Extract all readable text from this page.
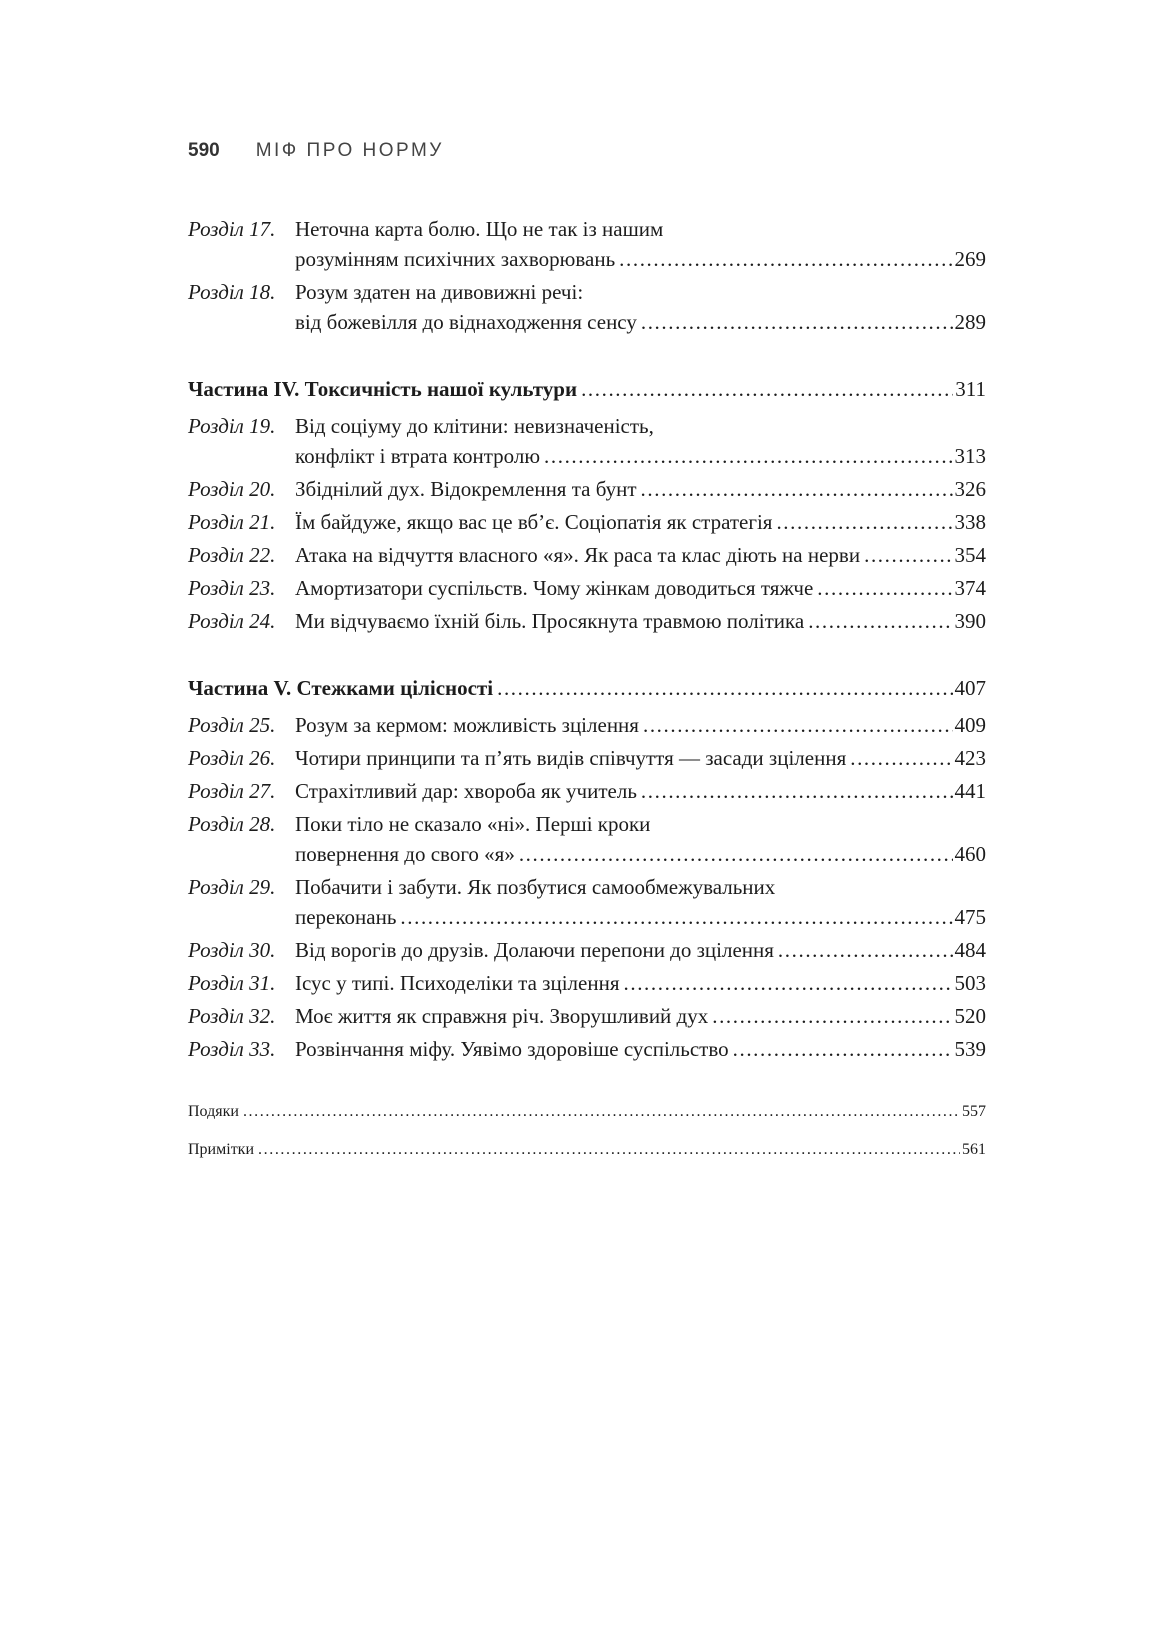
590 МІФ ПРО НОРМУ
Розділ 17. Неточна карта болю. Що не так із нашим
розумінням психічних захворювань .....	269
Розділ 18. Розум здатен на дивовижні речі:
від божевілля до віднаходження сенсу .....	289
Частина IV. Токсичність нашої культури .....	311
Розділ 19. Від соціуму до клітини: невизначеність,
конфлікт і втрата контролю .....	313
Розділ 20. Збіднілий дух. Відокремлення та бунт .....	326
Розділ 21. Їм байдуже, якщо вас це вб’є. Соціопатія як стратегія .....	338
Розділ 22. Атака на відчуття власного «я». Як раса та клас діють на нерви .....	354
Розділ 23. Амортизатори суспільств. Чому жінкам доводиться тяжче .....	374
Розділ 24. Ми відчуваємо їхній біль. Просякнута травмою політика .....	390
Частина V. Стежками цілісності .....	407
Розділ 25. Розум за кермом: можливість зцілення .....	409
Розділ 26. Чотири принципи та п’ять видів співчуття — засади зцілення .....	423
Розділ 27. Страхітливий дар: хвороба як учитель .....	441
Розділ 28. Поки тіло не сказало «ні». Перші кроки
повернення до свого «я» .....	460
Розділ 29. Побачити і забути. Як позбутися самообмежувальних
переконань .....	475
Розділ 30. Від ворогів до друзів. Долаючи перепони до зцілення .....	484
Розділ 31. Ісус у типі. Психоделіки та зцілення .....	503
Розділ 32. Моє життя як справжня річ. Зворушливий дух .....	520
Розділ 33. Розвінчання міфу. Уявімо здоровіше суспільство .....	539
Подяки .....	557
Примітки .....	561
